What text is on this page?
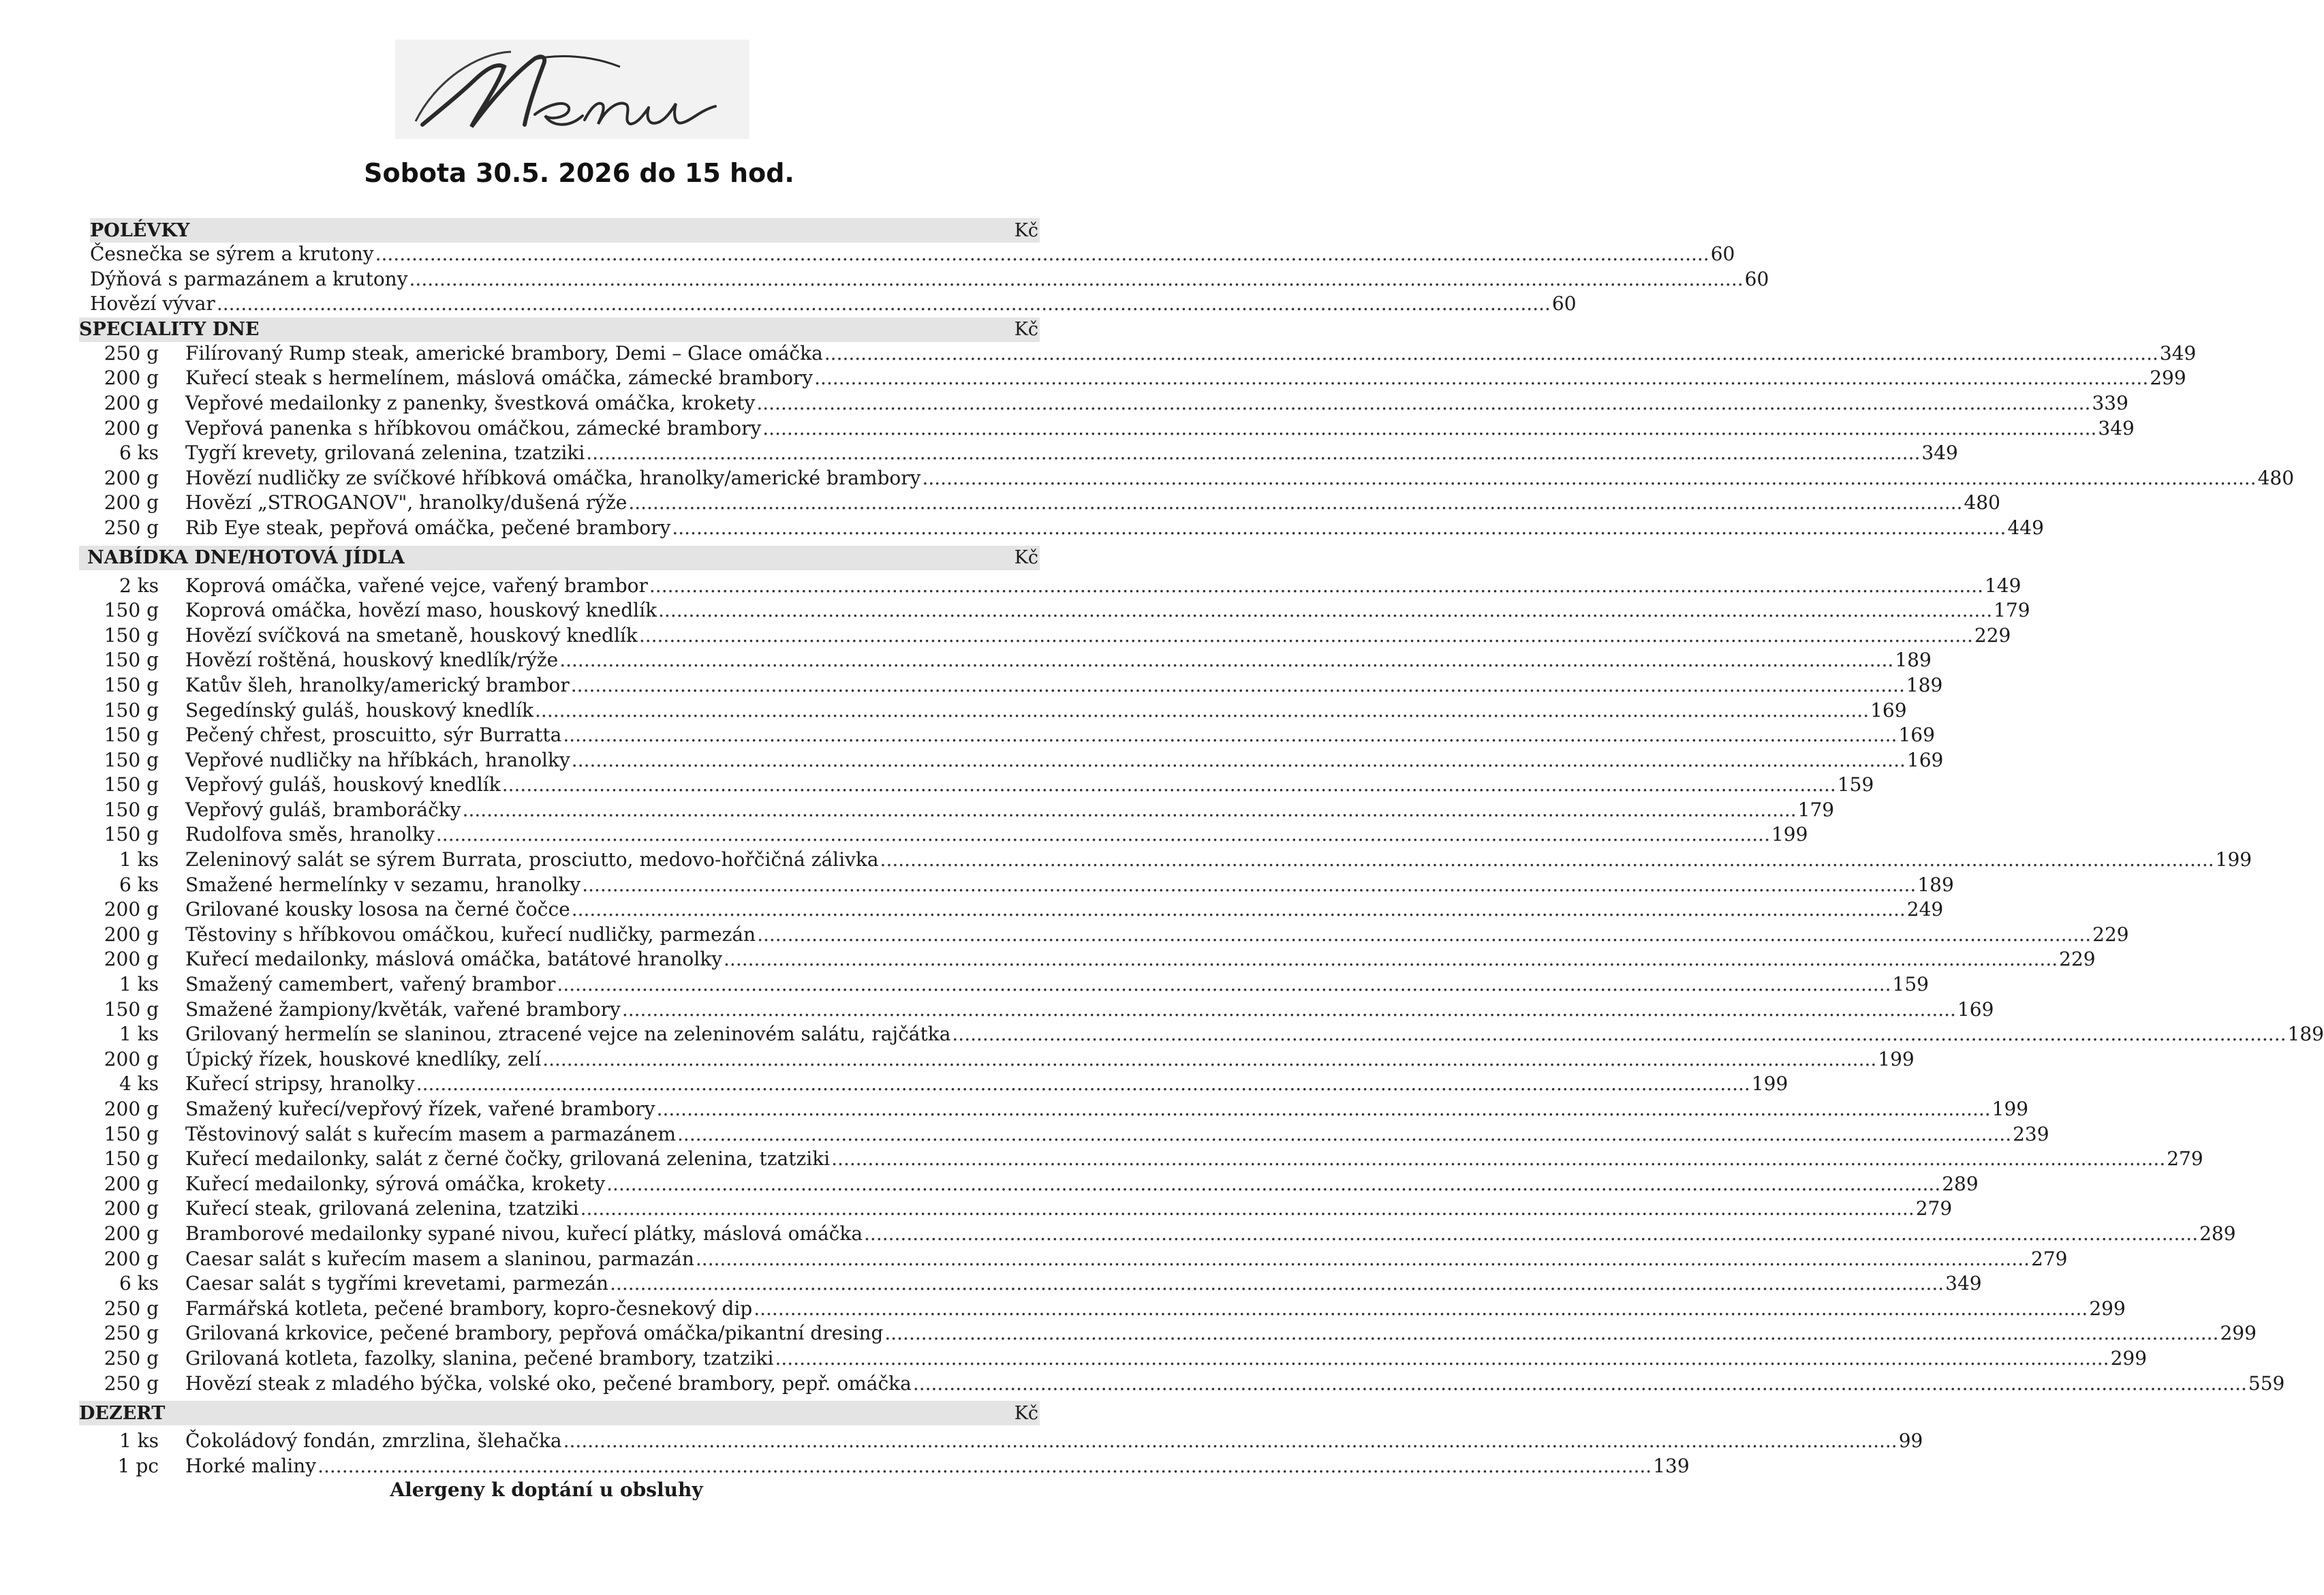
Sobota 30.5. 2026 do 15 hod.
POLÉVKY	Kč
Česnečka se sýrem a krutony ............................................................................................................................................................................................................................ 60
Dýňová s parmazánem a krutony ............................................................................................................................................................................................................................ 60
Hovězí vývar ............................................................................................................................................................................................................................ 60
SPECIALITY DNE	Kč
250 g Filírovaný Rump steak, americké brambory, Demi – Glace omáčka ............................................................................................................................................................................................................................ 349
200 g Kuřecí steak s hermelínem, máslová omáčka, zámecké brambory ............................................................................................................................................................................................................................ 299
200 g Vepřové medailonky z panenky, švestková omáčka, krokety ............................................................................................................................................................................................................................ 339
200 g Vepřová panenka s hříbkovou omáčkou, zámecké brambory ............................................................................................................................................................................................................................ 349
6 ks Tygří krevety, grilovaná zelenina, tzatziki ............................................................................................................................................................................................................................ 349
200 g Hovězí nudličky ze svíčkové hříbková omáčka, hranolky/americké brambory ............................................................................................................................................................................................................................ 480
200 g Hovězí „STROGANOV", hranolky/dušená rýže ............................................................................................................................................................................................................................ 480
250 g Rib Eye steak, pepřová omáčka, pečené brambory ............................................................................................................................................................................................................................ 449
NABÍDKA DNE/HOTOVÁ JÍDLA	Kč
2 ks Koprová omáčka, vařené vejce, vařený brambor ............................................................................................................................................................................................................................ 149
150 g Koprová omáčka, hovězí maso, houskový knedlík ............................................................................................................................................................................................................................ 179
150 g Hovězí svíčková na smetaně, houskový knedlík ............................................................................................................................................................................................................................ 229
150 g Hovězí roštěná, houskový knedlík/rýže ............................................................................................................................................................................................................................ 189
150 g Katův šleh, hranolky/americký brambor ............................................................................................................................................................................................................................ 189
150 g Segedínský guláš, houskový knedlík ............................................................................................................................................................................................................................ 169
150 g Pečený chřest, proscuitto, sýr Burratta ............................................................................................................................................................................................................................ 169
150 g Vepřové nudličky na hříbkách, hranolky ............................................................................................................................................................................................................................ 169
150 g Vepřový guláš, houskový knedlík ............................................................................................................................................................................................................................ 159
150 g Vepřový guláš, bramboráčky ............................................................................................................................................................................................................................ 179
150 g Rudolfova směs, hranolky ............................................................................................................................................................................................................................ 199
1 ks Zeleninový salát se sýrem Burrata, prosciutto, medovo-hořčičná zálivka ............................................................................................................................................................................................................................ 199
6 ks Smažené hermelínky v sezamu, hranolky ............................................................................................................................................................................................................................ 189
200 g Grilované kousky lososa na černé čočce ............................................................................................................................................................................................................................ 249
200 g Těstoviny s hříbkovou omáčkou, kuřecí nudličky, parmezán ............................................................................................................................................................................................................................ 229
200 g Kuřecí medailonky, máslová omáčka, batátové hranolky ............................................................................................................................................................................................................................ 229
1 ks Smažený camembert, vařený brambor ............................................................................................................................................................................................................................ 159
150 g Smažené žampiony/květák, vařené brambory ............................................................................................................................................................................................................................ 169
1 ks Grilovaný hermelín se slaninou, ztracené vejce na zeleninovém salátu, rajčátka ............................................................................................................................................................................................................................ 189
200 g Úpický řízek, houskové knedlíky, zelí ............................................................................................................................................................................................................................ 199
4 ks Kuřecí stripsy, hranolky ............................................................................................................................................................................................................................ 199
200 g Smažený kuřecí/vepřový řízek, vařené brambory ............................................................................................................................................................................................................................ 199
150 g Těstovinový salát s kuřecím masem a parmazánem ............................................................................................................................................................................................................................ 239
150 g Kuřecí medailonky, salát z černé čočky, grilovaná zelenina, tzatziki ............................................................................................................................................................................................................................ 279
200 g Kuřecí medailonky, sýrová omáčka, krokety ............................................................................................................................................................................................................................ 289
200 g Kuřecí steak, grilovaná zelenina, tzatziki ............................................................................................................................................................................................................................ 279
200 g Bramborové medailonky sypané nivou, kuřecí plátky, máslová omáčka ............................................................................................................................................................................................................................ 289
200 g Caesar salát s kuřecím masem a slaninou, parmazán ............................................................................................................................................................................................................................ 279
6 ks Caesar salát s tygřími krevetami, parmezán ............................................................................................................................................................................................................................ 349
250 g Farmářská kotleta, pečené brambory, kopro-česnekový dip ............................................................................................................................................................................................................................ 299
250 g Grilovaná krkovice, pečené brambory, pepřová omáčka/pikantní dresing ............................................................................................................................................................................................................................ 299
250 g Grilovaná kotleta, fazolky, slanina, pečené brambory, tzatziki ............................................................................................................................................................................................................................ 299
250 g Hovězí steak z mladého býčka, volské oko, pečené brambory, pepř. omáčka ............................................................................................................................................................................................................................ 559
DEZERT	Kč
1 ks Čokoládový fondán, zmrzlina, šlehačka ............................................................................................................................................................................................................................ 99
1 pc Horké maliny ............................................................................................................................................................................................................................ 139
Alergeny k doptání u obsluhy
